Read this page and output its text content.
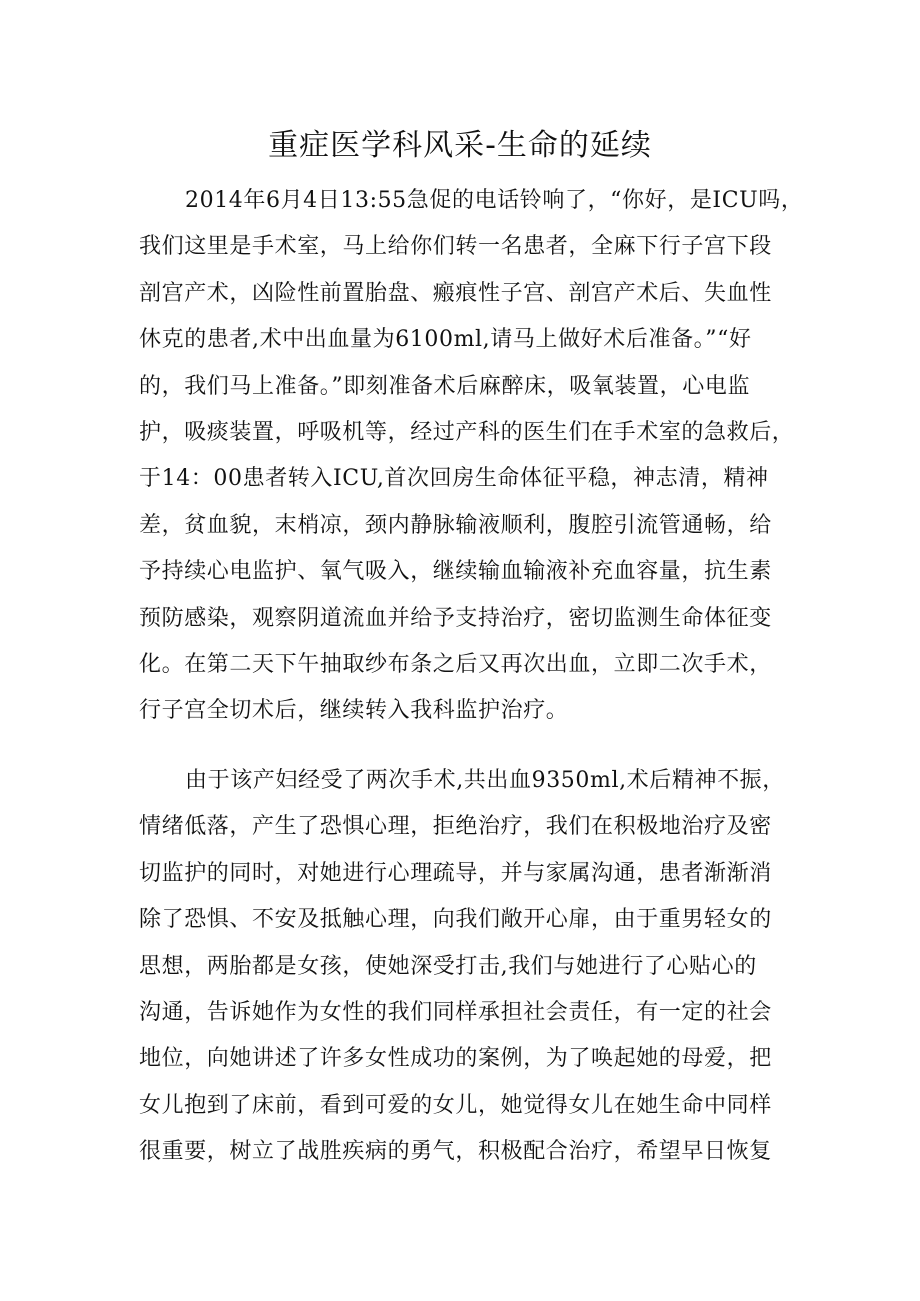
重症医学科风采-生命的延续
2014年6月4日13:55急促的电话铃响了，“你好，是ICU吗，
我们这里是手术室，马上给你们转一名患者，全麻下行子宫下段
剖宫产术，凶险性前置胎盘、瘢痕性子宫、剖宫产术后、失血性
休克的患者,术中出血量为6100ml,请马上做好术后准备。”“好
的，我们马上准备。”即刻准备术后麻醉床，吸氧装置，心电监
护，吸痰装置，呼吸机等，经过产科的医生们在手术室的急救后，
于14：00患者转入ICU,首次回房生命体征平稳，神志清，精神
差，贫血貌，末梢凉，颈内静脉输液顺利，腹腔引流管通畅，给
予持续心电监护、氧气吸入，继续输血输液补充血容量，抗生素
预防感染，观察阴道流血并给予支持治疗，密切监测生命体征变
化。在第二天下午抽取纱布条之后又再次出血，立即二次手术，
行子宫全切术后，继续转入我科监护治疗。
由于该产妇经受了两次手术,共出血9350ml,术后精神不振，
情绪低落，产生了恐惧心理，拒绝治疗，我们在积极地治疗及密
切监护的同时，对她进行心理疏导，并与家属沟通，患者渐渐消
除了恐惧、不安及抵触心理，向我们敞开心扉，由于重男轻女的
思想，两胎都是女孩，使她深受打击,我们与她进行了心贴心的
沟通，告诉她作为女性的我们同样承担社会责任，有一定的社会
地位，向她讲述了许多女性成功的案例，为了唤起她的母爱，把
女儿抱到了床前，看到可爱的女儿，她觉得女儿在她生命中同样
很重要，树立了战胜疾病的勇气，积极配合治疗，希望早日恢复
